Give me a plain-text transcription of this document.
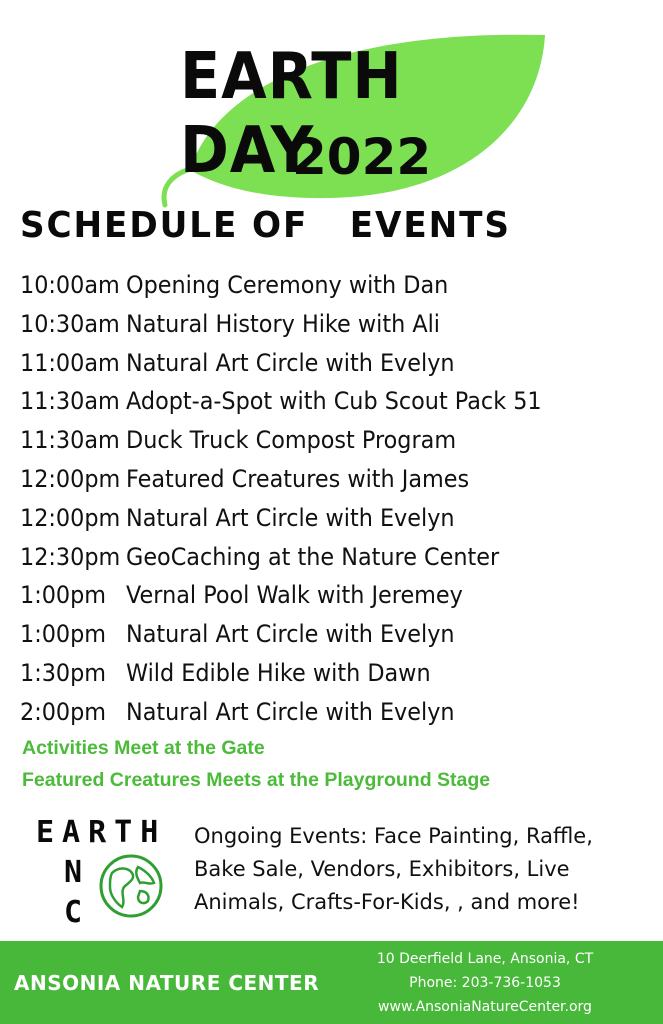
EARTH DAY
2022
SCHEDULE OF   EVENTS
10:00am Opening Ceremony with Dan
10:30am Natural History Hike with Ali
11:00am Natural Art Circle with Evelyn
11:30am Adopt-a-Spot with Cub Scout Pack 51
11:30am Duck Truck Compost Program
12:00pm Featured Creatures with James
12:00pm Natural Art Circle with Evelyn
12:30pm GeoCaching at the Nature Center
1:00pm Vernal Pool Walk with Jeremey
1:00pm Natural Art Circle with Evelyn
1:30pm Wild Edible Hike with Dawn
2:00pm Natural Art Circle with Evelyn
Activities Meet at the Gate
Featured Creatures Meets at the Playground Stage
EARTH
N
C
Ongoing Events: Face Painting, Raffle, Bake Sale, Vendors, Exhibitors, Live Animals, Crafts-For-Kids, , and more!
ANSONIA NATURE CENTER
10 Deerfield Lane, Ansonia, CT
Phone: 203-736-1053
www.AnsoniaNatureCenter.org
